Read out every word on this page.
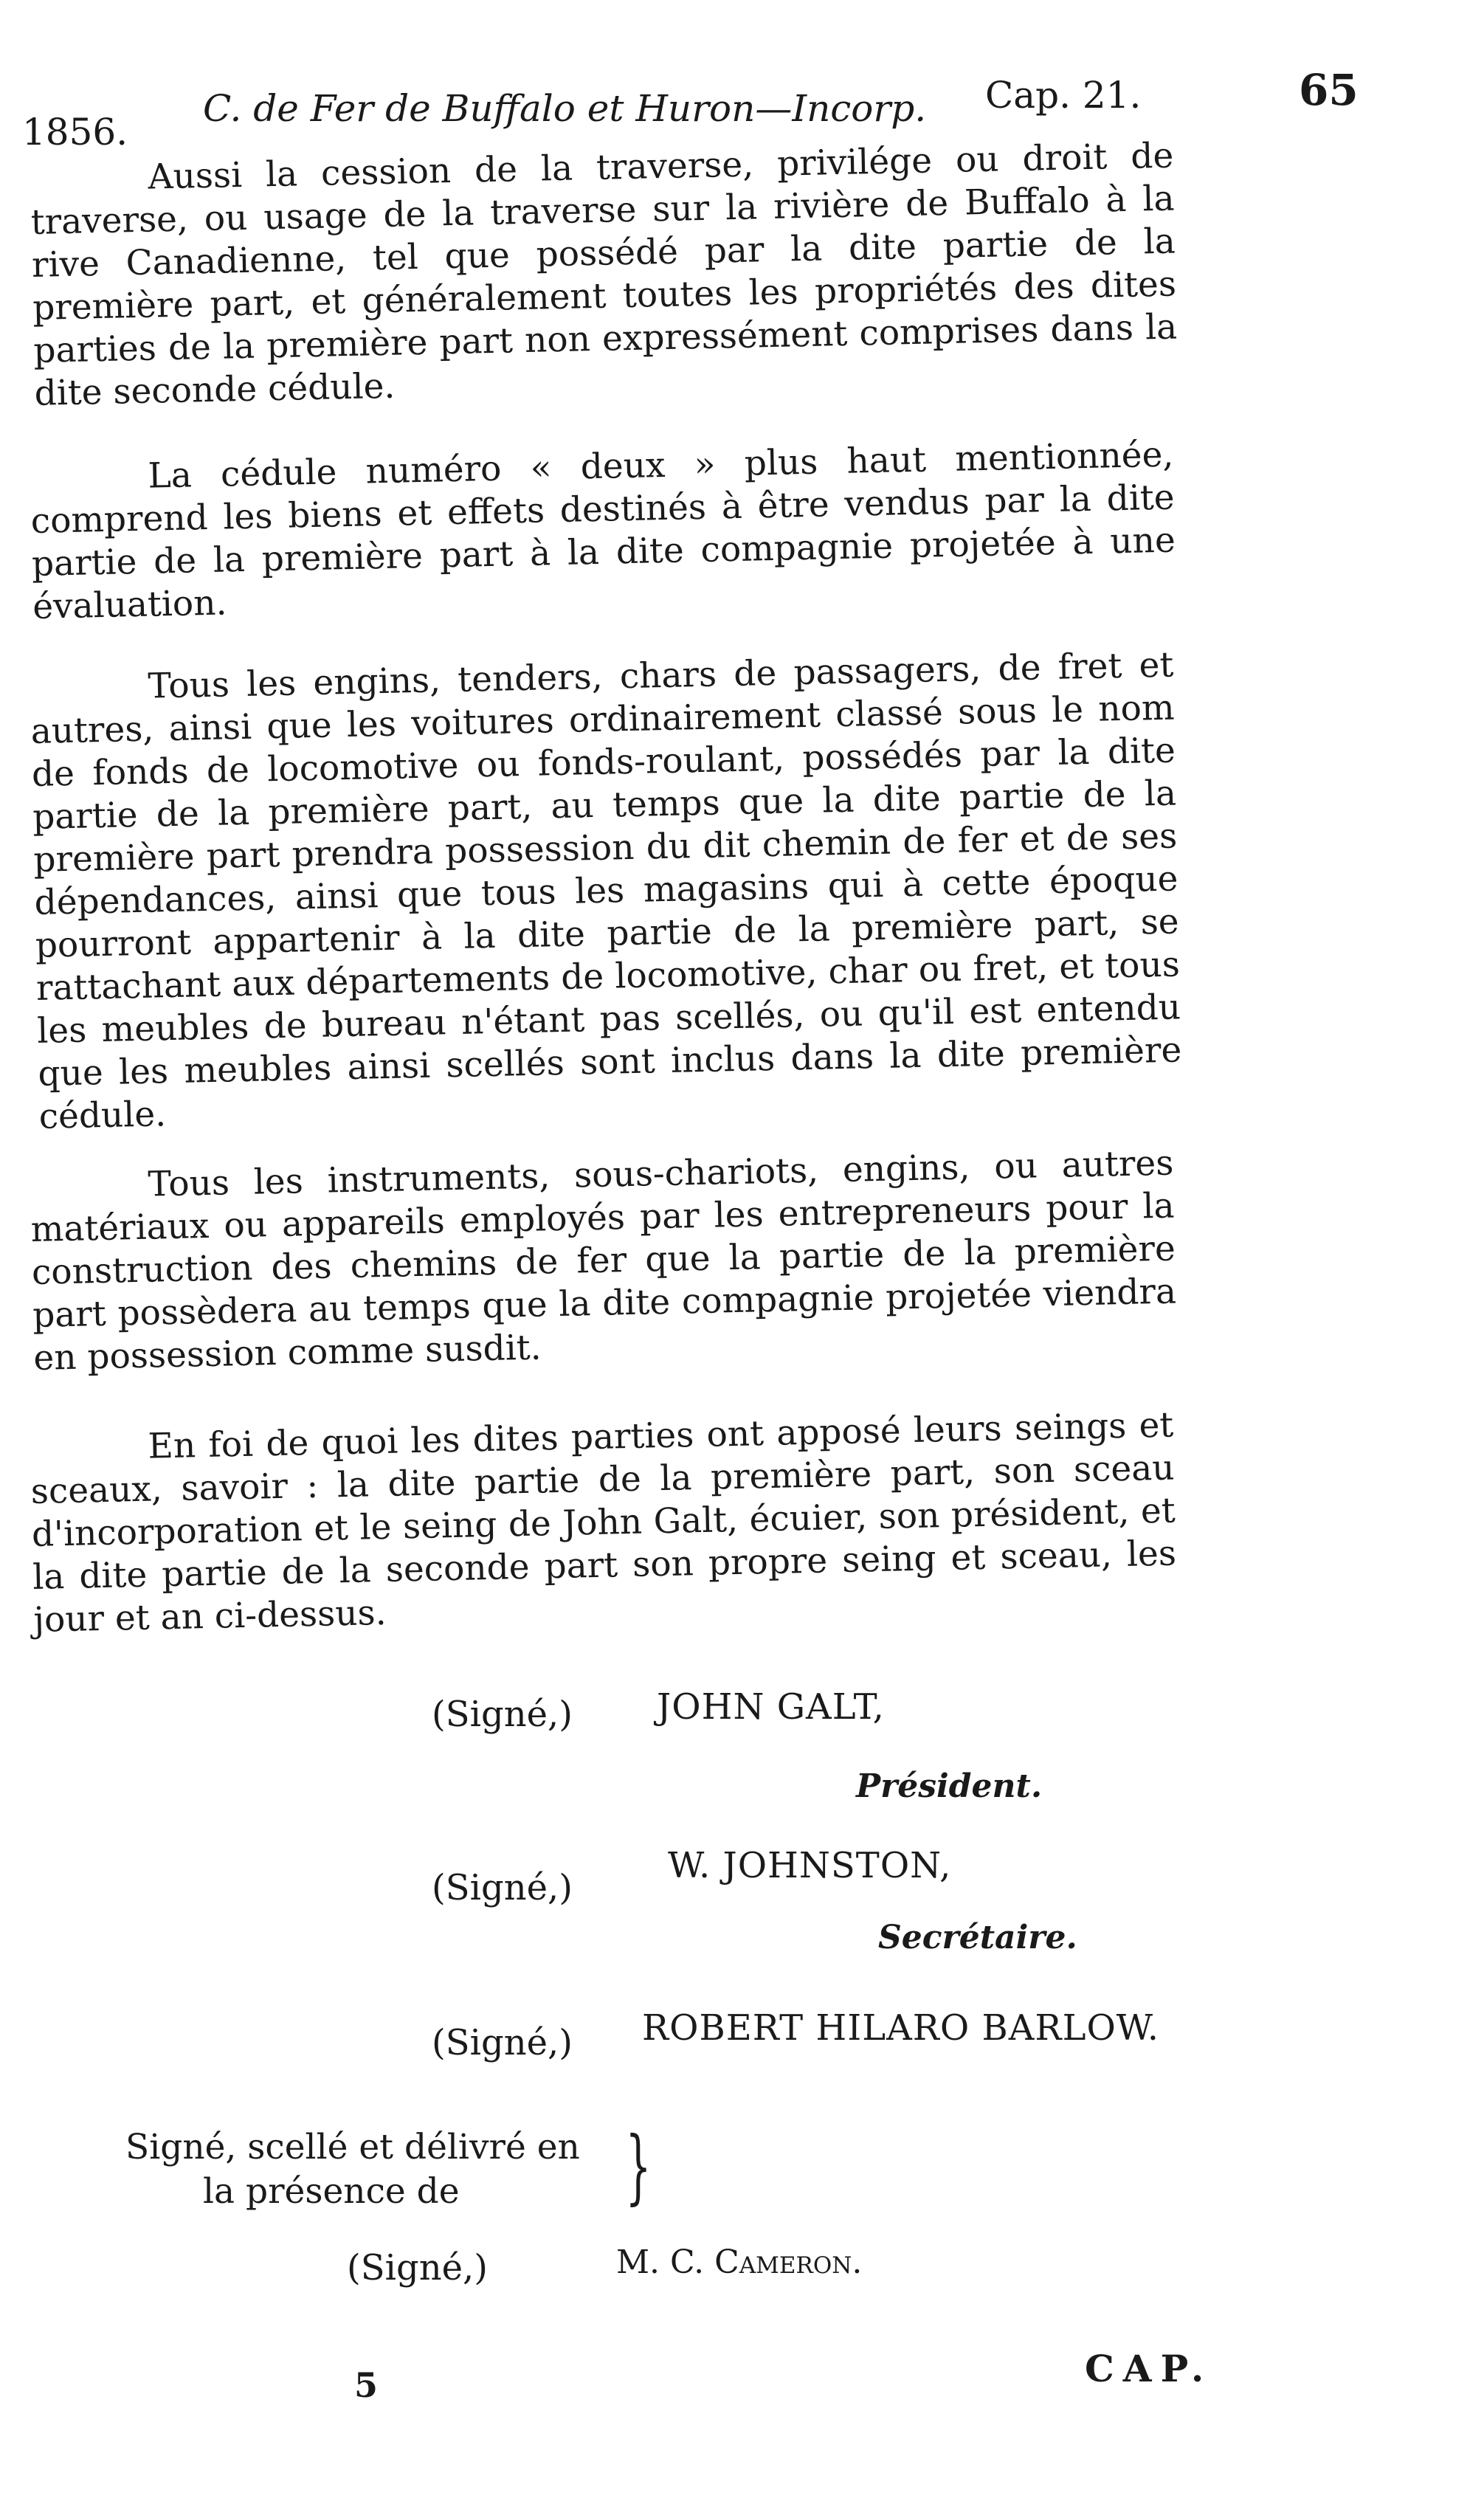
1856.
C. de Fer de Buffalo et Huron—Incorp. Cap. 21.	65

Aussi la cession de la traverse, privilége ou droit de traverse, ou usage de la traverse sur la rivière de Buffalo à la rive Canadienne, tel que possédé par la dite partie de la première part, et généralement toutes les propriétés des dites parties de la première part non expressément comprises dans la dite seconde cédule.

La cédule numéro « deux » plus haut mentionnée, comprend les biens et effets destinés à être vendus par la dite partie de la première part à la dite compagnie projetée à une évaluation.

Tous les engins, tenders, chars de passagers, de fret et autres, ainsi que les voitures ordinairement classé sous le nom de fonds de locomotive ou fonds-roulant, possédés par la dite partie de la première part, au temps que la dite partie de la première part prendra possession du dit chemin de fer et de ses dépendances, ainsi que tous les magasins qui à cette époque pourront appartenir à la dite partie de la première part, se rattachant aux départements de locomotive, char ou fret, et tous les meubles de bureau n'étant pas scellés, ou qu'il est entendu que les meubles ainsi scellés sont inclus dans la dite première cédule.

Tous les instruments, sous-chariots, engins, ou autres matériaux ou appareils employés par les entrepreneurs pour la construction des chemins de fer que la partie de la première part possèdera au temps que la dite compagnie projetée viendra en possession comme susdit.

En foi de quoi les dites parties ont apposé leurs seings et sceaux, savoir : la dite partie de la première part, son sceau d'incorporation et le seing de John Galt, écuier, son président, et la dite partie de la seconde part son propre seing et sceau, les jour et an ci-dessus.

(Signé,) JOHN GALT,
Président.
(Signé,)
W. JOHNSTON,
Secrétaire.
(Signé,) ROBERT HILARO BARLOW.
Signé, scellé et délivré en
la présence de	}
(Signé,)	M. C. Cameron.
5	CAP.
